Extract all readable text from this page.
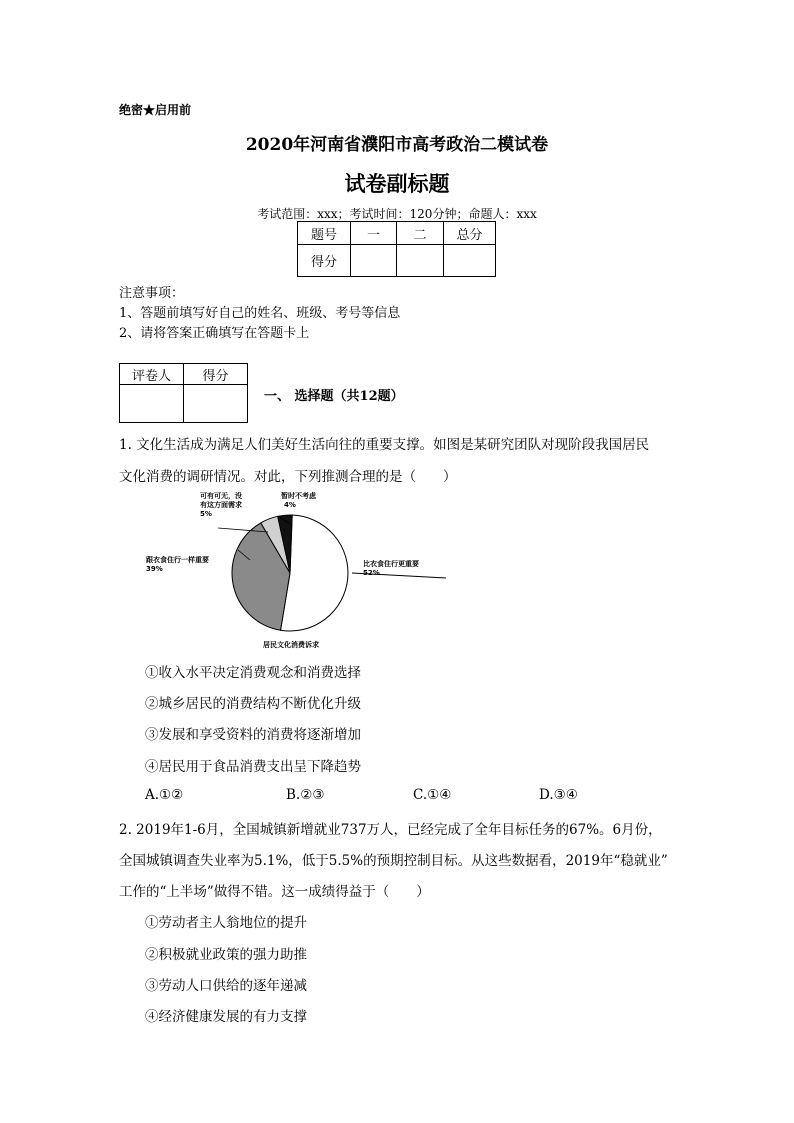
绝密★启用前
2020年河南省濮阳市高考政治二模试卷
试卷副标题
考试范围：xxx；考试时间：120分钟；命题人：xxx
题号	一	二	总分
得分			
注意事项：
1、答题前填写好自己的姓名、班级、考号等信息
2、请将答案正确填写在答题卡上
评卷人	得分

一、 选择题（共12题）
1. 文化生活成为满足人们美好生活向往的重要支撑。如图是某研究团队对现阶段我国居民
文化消费的调研情况。对此，下列推测合理的是（　　）
可有可无，没
有这方面需求
5%
暂时不考虑
4%
跟衣食住行一样重要
39%
比衣食住行更重要
52%
居民文化消费诉求
①收入水平决定消费观念和消费选择
②城乡居民的消费结构不断优化升级
③发展和享受资料的消费将逐渐增加
④居民用于食品消费支出呈下降趋势
A.①②	B.②③	C.①④	D.③④
2. 2019年1-6月，全国城镇新增就业737万人，已经完成了全年目标任务的67%。6月份，
全国城镇调查失业率为5.1%，低于5.5%的预期控制目标。从这些数据看，2019年“稳就业”
工作的“上半场”做得不错。这一成绩得益于（　　）
①劳动者主人翁地位的提升
②积极就业政策的强力助推
③劳动人口供给的逐年递减
④经济健康发展的有力支撑
